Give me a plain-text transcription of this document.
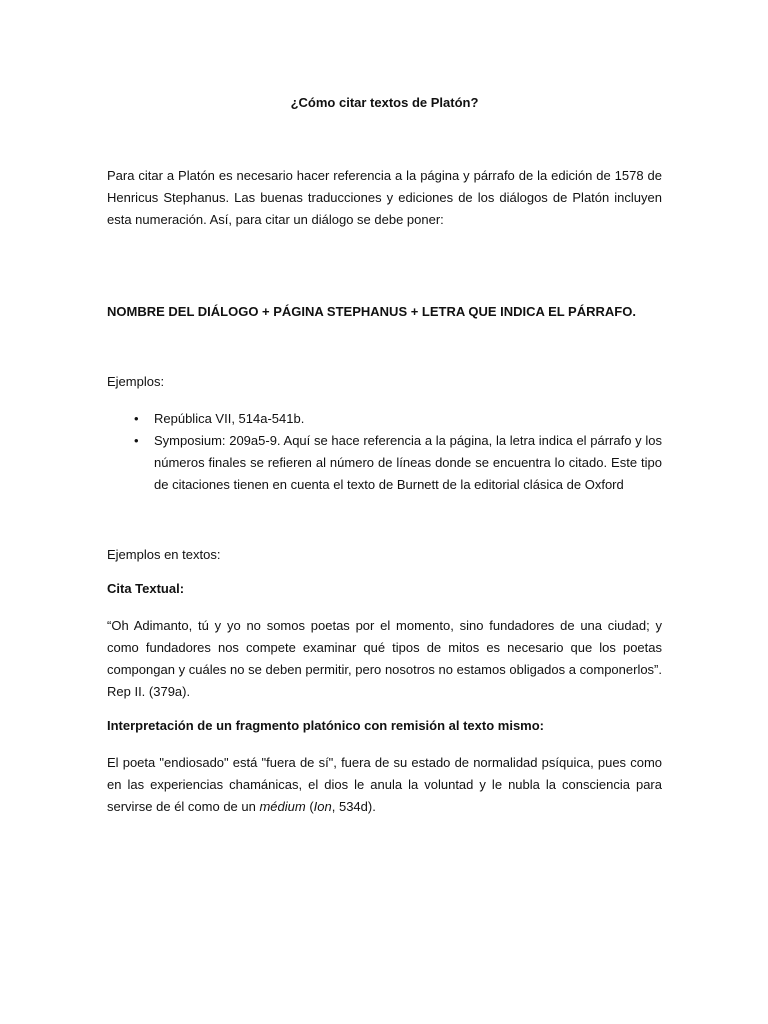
¿Cómo citar textos de Platón?

Para citar a Platón es necesario hacer referencia a la página y párrafo de la edición de 1578 de Henricus Stephanus. Las buenas traducciones y ediciones de los diálogos de Platón incluyen esta numeración. Así, para citar un diálogo se debe poner:

NOMBRE DEL DIÁLOGO + PÁGINA STEPHANUS + LETRA QUE INDICA EL PÁRRAFO.

Ejemplos:

• República VII, 514a-541b.
• Symposium: 209a5-9. Aquí se hace referencia a la página, la letra indica el párrafo y los números finales se refieren al número de líneas donde se encuentra lo citado. Este tipo de citaciones tienen en cuenta el texto de Burnett de la editorial clásica de Oxford

Ejemplos en textos:

Cita Textual:

“Oh Adimanto, tú y yo no somos poetas por el momento, sino fundadores de una ciudad; y como fundadores nos compete examinar qué tipos de mitos es necesario que los poetas compongan y cuáles no se deben permitir, pero nosotros no estamos obligados a componerlos”. Rep II. (379a).

Interpretación de un fragmento platónico con remisión al texto mismo:

El poeta "endiosado" está "fuera de sí", fuera de su estado de normalidad psíquica, pues como en las experiencias chamánicas, el dios le anula la voluntad y le nubla la consciencia para servirse de él como de un médium (Ion, 534d).
